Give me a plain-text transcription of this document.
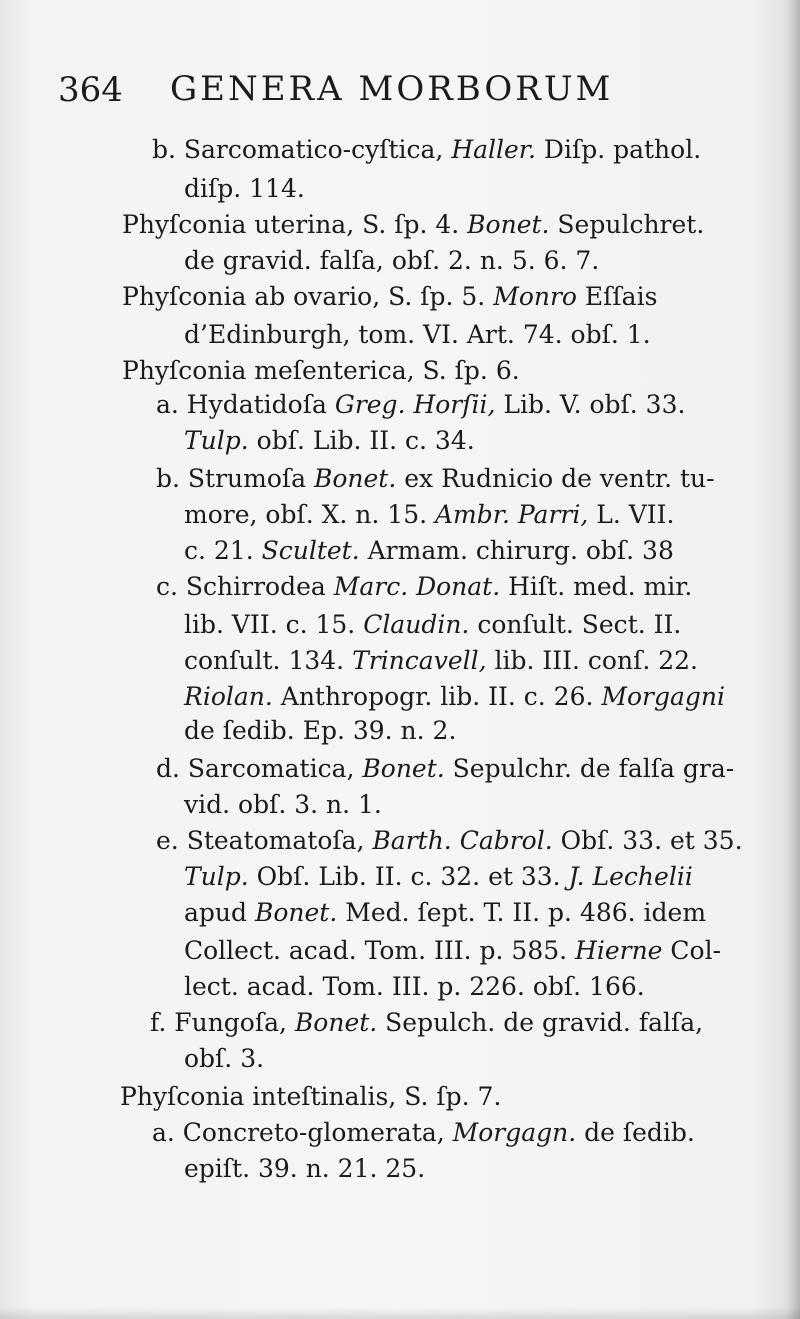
364 GENERA MORBORUM
b. Sarcomatico-cyſtica, Haller. Diſp. pathol.
diſp. 114.
Phyſconia uterina, S. ſp. 4. Bonet. Sepulchret.
de gravid. falſa, obſ. 2. n. 5. 6. 7.
Phyſconia ab ovario, S. ſp. 5. Monro Eſſais
d’Edinburgh, tom. VI. Art. 74. obſ. 1.
Phyſconia meſenterica, S. ſp. 6.
a. Hydatidoſa Greg. Horſii, Lib. V. obſ. 33.
Tulp. obſ. Lib. II. c. 34.
b. Strumoſa Bonet. ex Rudnicio de ventr. tu-
more, obſ. X. n. 15. Ambr. Parri, L. VII.
c. 21. Scultet. Armam. chirurg. obſ. 38
c. Schirrodea Marc. Donat. Hiſt. med. mir.
lib. VII. c. 15. Claudin. conſult. Sect. II.
conſult. 134. Trincavell, lib. III. conſ. 22.
Riolan. Anthropogr. lib. II. c. 26. Morgagni
de ſedib. Ep. 39. n. 2.
d. Sarcomatica, Bonet. Sepulchr. de falſa gra-
vid. obſ. 3. n. 1.
e. Steatomatoſa, Barth. Cabrol. Obſ. 33. et 35.
Tulp. Obſ. Lib. II. c. 32. et 33. J. Lechelii
apud Bonet. Med. ſept. T. II. p. 486. idem
Collect. acad. Tom. III. p. 585. Hierne Col-
lect. acad. Tom. III. p. 226. obſ. 166.
f. Fungoſa, Bonet. Sepulch. de gravid. falſa,
obſ. 3.
Phyſconia inteſtinalis, S. ſp. 7.
a. Concreto-glomerata, Morgagn. de ſedib.
epiſt. 39. n. 21. 25.
